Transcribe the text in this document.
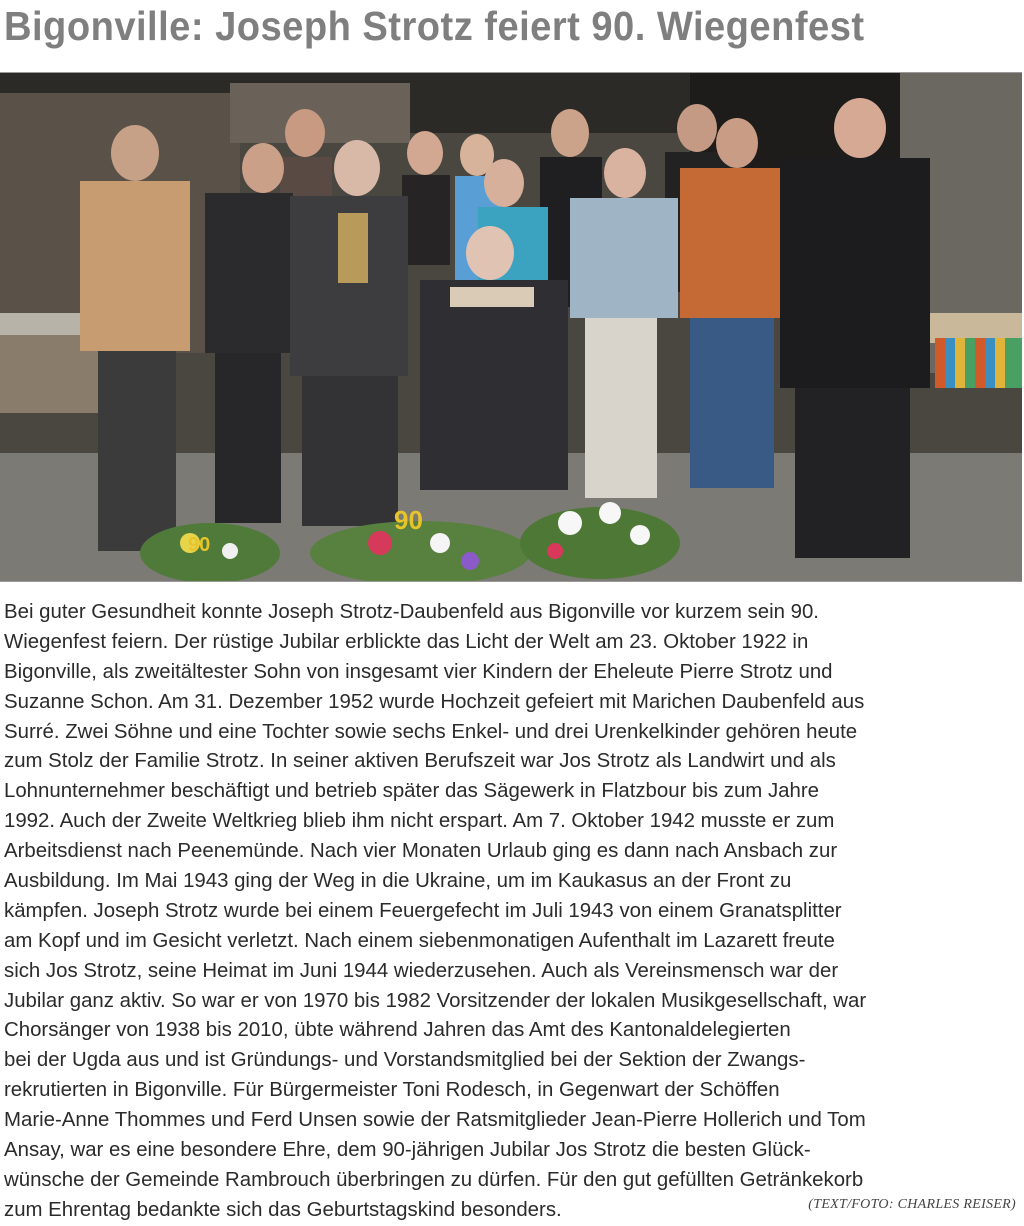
Bigonville: Joseph Strotz feiert 90. Wiegenfest
90
90
Bei guter Gesundheit konnte Joseph Strotz-Daubenfeld aus Bigonville vor kurzem sein 90.
Wiegenfest feiern. Der rüstige Jubilar erblickte das Licht der Welt am 23. Oktober 1922 in
Bigonville, als zweitältester Sohn von insgesamt vier Kindern der Eheleute Pierre Strotz und
Suzanne Schon. Am 31. Dezember 1952 wurde Hochzeit gefeiert mit Marichen Daubenfeld aus
Surré. Zwei Söhne und eine Tochter sowie sechs Enkel- und drei Urenkelkinder gehören heute
zum Stolz der Familie Strotz. In seiner aktiven Berufszeit war Jos Strotz als Landwirt und als
Lohnunternehmer beschäftigt und betrieb später das Sägewerk in Flatzbour bis zum Jahre
1992. Auch der Zweite Weltkrieg blieb ihm nicht erspart. Am 7. Oktober 1942 musste er zum
Arbeitsdienst nach Peenemünde. Nach vier Monaten Urlaub ging es dann nach Ansbach zur
Ausbildung. Im Mai 1943 ging der Weg in die Ukraine, um im Kaukasus an der Front zu
kämpfen. Joseph Strotz wurde bei einem Feuergefecht im Juli 1943 von einem Granatsplitter
am Kopf und im Gesicht verletzt. Nach einem siebenmonatigen Aufenthalt im Lazarett freute
sich Jos Strotz, seine Heimat im Juni 1944 wiederzusehen. Auch als Vereinsmensch war der
Jubilar ganz aktiv. So war er von 1970 bis 1982 Vorsitzender der lokalen Musikgesellschaft, war
Chorsänger von 1938 bis 2010, übte während Jahren das Amt des Kantonaldelegierten
bei der Ugda aus und ist Gründungs- und Vorstandsmitglied bei der Sektion der Zwangs-
rekrutierten in Bigonville. Für Bürgermeister Toni Rodesch, in Gegenwart der Schöffen
Marie-Anne Thommes und Ferd Unsen sowie der Ratsmitglieder Jean-Pierre Hollerich und Tom
Ansay, war es eine besondere Ehre, dem 90-jährigen Jubilar Jos Strotz die besten Glück-
wünsche der Gemeinde Rambrouch überbringen zu dürfen. Für den gut gefüllten Getränkekorb
zum Ehrentag bedankte sich das Geburtstagskind besonders.	(TEXT/FOTO: CHARLES REISER)
